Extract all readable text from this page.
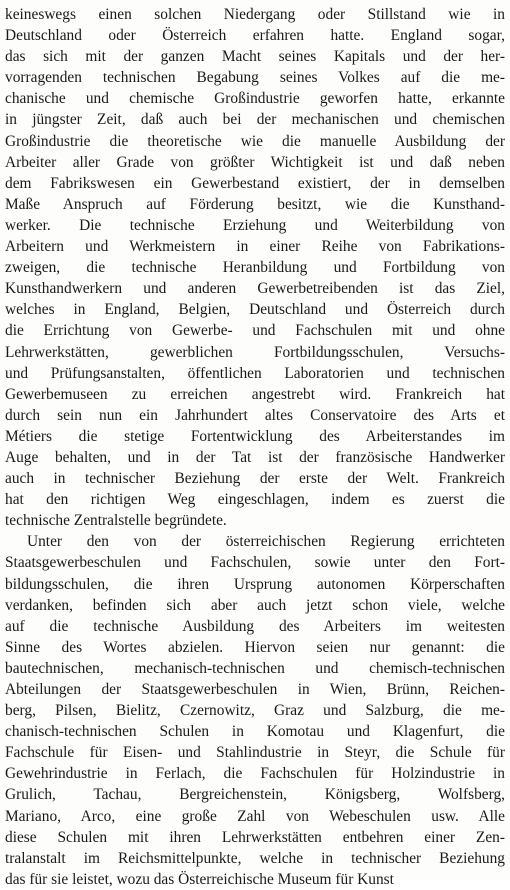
keineswegs einen solchen Niedergang oder Stillstand wie in
Deutschland oder Österreich erfahren hatte. England sogar,
das sich mit der ganzen Macht seines Kapitals und der her-
vorragenden technischen Begabung seines Volkes auf die me-
chanische und chemische Großindustrie geworfen hatte, erkannte
in jüngster Zeit, daß auch bei der mechanischen und chemischen
Großindustrie die theoretische wie die manuelle Ausbildung der
Arbeiter aller Grade von größter Wichtigkeit ist und daß neben
dem Fabrikswesen ein Gewerbestand existiert, der in demselben
Maße Anspruch auf Förderung besitzt, wie die Kunsthand-
werker. Die technische Erziehung und Weiterbildung von
Arbeitern und Werkmeistern in einer Reihe von Fabrikations-
zweigen, die technische Heranbildung und Fortbildung von
Kunsthandwerkern und anderen Gewerbetreibenden ist das Ziel,
welches in England, Belgien, Deutschland und Österreich durch
die Errichtung von Gewerbe- und Fachschulen mit und ohne
Lehrwerkstätten, gewerblichen Fortbildungsschulen, Versuchs-
und Prüfungsanstalten, öffentlichen Laboratorien und technischen
Gewerbemuseen zu erreichen angestrebt wird. Frankreich hat
durch sein nun ein Jahrhundert altes Conservatoire des Arts et
Métiers die stetige Fortentwicklung des Arbeiterstandes im
Auge behalten, und in der Tat ist der französische Handwerker
auch in technischer Beziehung der erste der Welt. Frankreich
hat den richtigen Weg eingeschlagen, indem es zuerst die
technische Zentralstelle begründete.
Unter den von der österreichischen Regierung errichteten
Staatsgewerbeschulen und Fachschulen, sowie unter den Fort-
bildungsschulen, die ihren Ursprung autonomen Körperschaften
verdanken, befinden sich aber auch jetzt schon viele, welche
auf die technische Ausbildung des Arbeiters im weitesten
Sinne des Wortes abzielen. Hiervon seien nur genannt: die
bautechnischen, mechanisch-technischen und chemisch-technischen
Abteilungen der Staatsgewerbeschulen in Wien, Brünn, Reichen-
berg, Pilsen, Bielitz, Czernowitz, Graz und Salzburg, die me-
chanisch-technischen Schulen in Komotau und Klagenfurt, die
Fachschule für Eisen- und Stahlindustrie in Steyr, die Schule für
Gewehrindustrie in Ferlach, die Fachschulen für Holzindustrie in
Grulich, Tachau, Bergreichenstein, Königsberg, Wolfsberg,
Mariano, Arco, eine große Zahl von Webeschulen usw. Alle
diese Schulen mit ihren Lehrwerkstätten entbehren einer Zen-
tralanstalt im Reichsmittelpunkte, welche in technischer Beziehung
das für sie leistet, wozu das Österreichische Museum für Kunst
